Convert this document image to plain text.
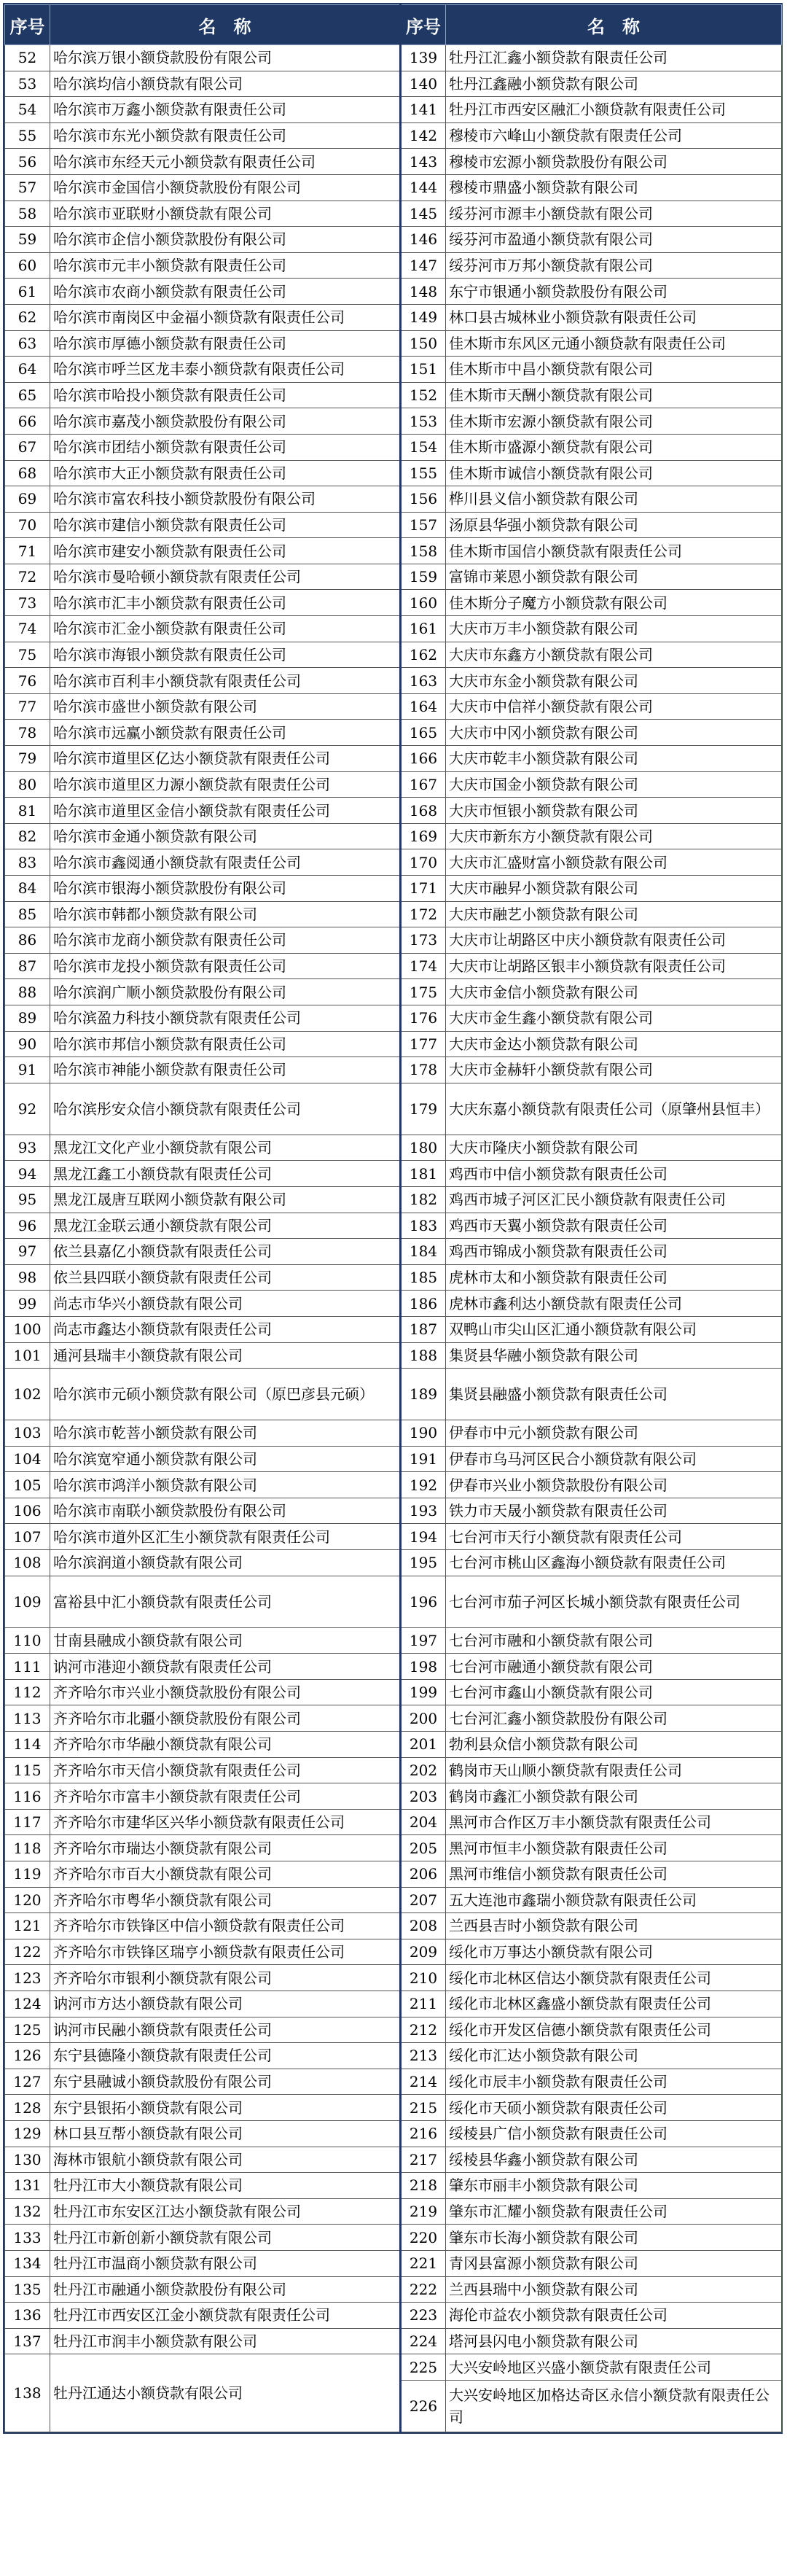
序号	名　称	序号	名　称
52	哈尔滨万银小额贷款股份有限公司	139	牡丹江汇鑫小额贷款有限责任公司
53	哈尔滨均信小额贷款有限公司	140	牡丹江鑫融小额贷款有限公司
54	哈尔滨市万鑫小额贷款有限责任公司	141	牡丹江市西安区融汇小额贷款有限责任公司
55	哈尔滨市东光小额贷款有限责任公司	142	穆棱市六峰山小额贷款有限责任公司
56	哈尔滨市东经天元小额贷款有限责任公司	143	穆棱市宏源小额贷款股份有限公司
57	哈尔滨市金国信小额贷款股份有限公司	144	穆棱市鼎盛小额贷款有限公司
58	哈尔滨市亚联财小额贷款有限公司	145	绥芬河市源丰小额贷款有限公司
59	哈尔滨市企信小额贷款股份有限公司	146	绥芬河市盈通小额贷款有限公司
60	哈尔滨市元丰小额贷款有限责任公司	147	绥芬河市万邦小额贷款有限公司
61	哈尔滨市农商小额贷款有限责任公司	148	东宁市银通小额贷款股份有限公司
62	哈尔滨市南岗区中金福小额贷款有限责任公司	149	林口县古城林业小额贷款有限责任公司
63	哈尔滨市厚德小额贷款有限责任公司	150	佳木斯市东风区元通小额贷款有限责任公司
64	哈尔滨市呼兰区龙丰泰小额贷款有限责任公司	151	佳木斯市中昌小额贷款有限公司
65	哈尔滨市哈投小额贷款有限责任公司	152	佳木斯市天酬小额贷款有限公司
66	哈尔滨市嘉茂小额贷款股份有限公司	153	佳木斯市宏源小额贷款有限公司
67	哈尔滨市团结小额贷款有限责任公司	154	佳木斯市盛源小额贷款有限公司
68	哈尔滨市大正小额贷款有限责任公司	155	佳木斯市诚信小额贷款有限公司
69	哈尔滨市富农科技小额贷款股份有限公司	156	桦川县义信小额贷款有限公司
70	哈尔滨市建信小额贷款有限责任公司	157	汤原县华强小额贷款有限公司
71	哈尔滨市建安小额贷款有限责任公司	158	佳木斯市国信小额贷款有限责任公司
72	哈尔滨市曼哈顿小额贷款有限责任公司	159	富锦市莱恩小额贷款有限公司
73	哈尔滨市汇丰小额贷款有限责任公司	160	佳木斯分子魔方小额贷款有限公司
74	哈尔滨市汇金小额贷款有限责任公司	161	大庆市万丰小额贷款有限公司
75	哈尔滨市海银小额贷款有限责任公司	162	大庆市东鑫方小额贷款有限公司
76	哈尔滨市百利丰小额贷款有限责任公司	163	大庆市东金小额贷款有限公司
77	哈尔滨市盛世小额贷款有限公司	164	大庆市中信祥小额贷款有限公司
78	哈尔滨市远赢小额贷款有限责任公司	165	大庆市中冈小额贷款有限公司
79	哈尔滨市道里区亿达小额贷款有限责任公司	166	大庆市乾丰小额贷款有限公司
80	哈尔滨市道里区力源小额贷款有限责任公司	167	大庆市国金小额贷款有限公司
81	哈尔滨市道里区金信小额贷款有限责任公司	168	大庆市恒银小额贷款有限公司
82	哈尔滨市金通小额贷款有限公司	169	大庆市新东方小额贷款有限公司
83	哈尔滨市鑫阅通小额贷款有限责任公司	170	大庆市汇盛财富小额贷款有限公司
84	哈尔滨市银海小额贷款股份有限公司	171	大庆市融昇小额贷款有限公司
85	哈尔滨市韩都小额贷款有限公司	172	大庆市融艺小额贷款有限公司
86	哈尔滨市龙商小额贷款有限责任公司	173	大庆市让胡路区中庆小额贷款有限责任公司
87	哈尔滨市龙投小额贷款有限责任公司	174	大庆市让胡路区银丰小额贷款有限责任公司
88	哈尔滨润广顺小额贷款股份有限公司	175	大庆市金信小额贷款有限公司
89	哈尔滨盈力科技小额贷款有限责任公司	176	大庆市金生鑫小额贷款有限公司
90	哈尔滨市邦信小额贷款有限责任公司	177	大庆市金达小额贷款有限公司
91	哈尔滨市神能小额贷款有限责任公司	178	大庆市金赫轩小额贷款有限公司
92	哈尔滨彤安众信小额贷款有限责任公司	179	大庆东嘉小额贷款有限责任公司（原肇州县恒丰）
93	黑龙江文化产业小额贷款有限公司	180	大庆市隆庆小额贷款有限公司
94	黑龙江鑫工小额贷款有限责任公司	181	鸡西市中信小额贷款有限责任公司
95	黑龙江晟唐互联网小额贷款有限公司	182	鸡西市城子河区汇民小额贷款有限责任公司
96	黑龙江金联云通小额贷款有限公司	183	鸡西市天翼小额贷款有限责任公司
97	依兰县嘉亿小额贷款有限责任公司	184	鸡西市锦成小额贷款有限责任公司
98	依兰县四联小额贷款有限责任公司	185	虎林市太和小额贷款有限责任公司
99	尚志市华兴小额贷款有限公司	186	虎林市鑫利达小额贷款有限责任公司
100	尚志市鑫达小额贷款有限责任公司	187	双鸭山市尖山区汇通小额贷款有限公司
101	通河县瑞丰小额贷款有限公司	188	集贤县华融小额贷款有限公司
102	哈尔滨市元硕小额贷款有限公司（原巴彦县元硕）	189	集贤县融盛小额贷款有限责任公司
103	哈尔滨市乾菩小额贷款有限公司	190	伊春市中元小额贷款有限公司
104	哈尔滨宽窄通小额贷款有限公司	191	伊春市乌马河区民合小额贷款有限公司
105	哈尔滨市鸿洋小额贷款有限公司	192	伊春市兴业小额贷款股份有限公司
106	哈尔滨市南联小额贷款股份有限公司	193	铁力市天晟小额贷款有限责任公司
107	哈尔滨市道外区汇生小额贷款有限责任公司	194	七台河市天行小额贷款有限责任公司
108	哈尔滨润道小额贷款有限公司	195	七台河市桃山区鑫海小额贷款有限责任公司
109	富裕县中汇小额贷款有限责任公司	196	七台河市茄子河区长城小额贷款有限责任公司
110	甘南县融成小额贷款有限公司	197	七台河市融和小额贷款有限公司
111	讷河市港迎小额贷款有限责任公司	198	七台河市融通小额贷款有限公司
112	齐齐哈尔市兴业小额贷款股份有限公司	199	七台河市鑫山小额贷款有限公司
113	齐齐哈尔市北疆小额贷款股份有限公司	200	七台河汇鑫小额贷款股份有限公司
114	齐齐哈尔市华融小额贷款有限公司	201	勃利县众信小额贷款有限公司
115	齐齐哈尔市天信小额贷款有限责任公司	202	鹤岗市天山顺小额贷款有限责任公司
116	齐齐哈尔市富丰小额贷款有限责任公司	203	鹤岗市鑫汇小额贷款有限公司
117	齐齐哈尔市建华区兴华小额贷款有限责任公司	204	黑河市合作区万丰小额贷款有限责任公司
118	齐齐哈尔市瑞达小额贷款有限公司	205	黑河市恒丰小额贷款有限责任公司
119	齐齐哈尔市百大小额贷款有限公司	206	黑河市维信小额贷款有限责任公司
120	齐齐哈尔市粤华小额贷款有限公司	207	五大连池市鑫瑞小额贷款有限责任公司
121	齐齐哈尔市铁锋区中信小额贷款有限责任公司	208	兰西县吉时小额贷款有限公司
122	齐齐哈尔市铁锋区瑞亨小额贷款有限责任公司	209	绥化市万事达小额贷款有限公司
123	齐齐哈尔市银利小额贷款有限公司	210	绥化市北林区信达小额贷款有限责任公司
124	讷河市方达小额贷款有限公司	211	绥化市北林区鑫盛小额贷款有限责任公司
125	讷河市民融小额贷款有限责任公司	212	绥化市开发区信德小额贷款有限责任公司
126	东宁县德隆小额贷款有限责任公司	213	绥化市汇达小额贷款有限公司
127	东宁县融诚小额贷款股份有限公司	214	绥化市辰丰小额贷款有限责任公司
128	东宁县银拓小额贷款有限公司	215	绥化市天硕小额贷款有限责任公司
129	林口县互帮小额贷款有限公司	216	绥棱县广信小额贷款有限责任公司
130	海林市银航小额贷款有限公司	217	绥棱县华鑫小额贷款有限公司
131	牡丹江市大小额贷款有限公司	218	肇东市丽丰小额贷款有限公司
132	牡丹江市东安区江达小额贷款有限公司	219	肇东市汇耀小额贷款有限责任公司
133	牡丹江市新创新小额贷款有限公司	220	肇东市长海小额贷款有限公司
134	牡丹江市温商小额贷款有限公司	221	青冈县富源小额贷款有限公司
135	牡丹江市融通小额贷款股份有限公司	222	兰西县瑞中小额贷款有限公司
136	牡丹江市西安区江金小额贷款有限责任公司	223	海伦市益农小额贷款有限责任公司
137	牡丹江市润丰小额贷款有限公司	224	塔河县闪电小额贷款有限公司
138	牡丹江通达小额贷款有限公司	225	大兴安岭地区兴盛小额贷款有限责任公司
		226	大兴安岭地区加格达奇区永信小额贷款有限责任公司
